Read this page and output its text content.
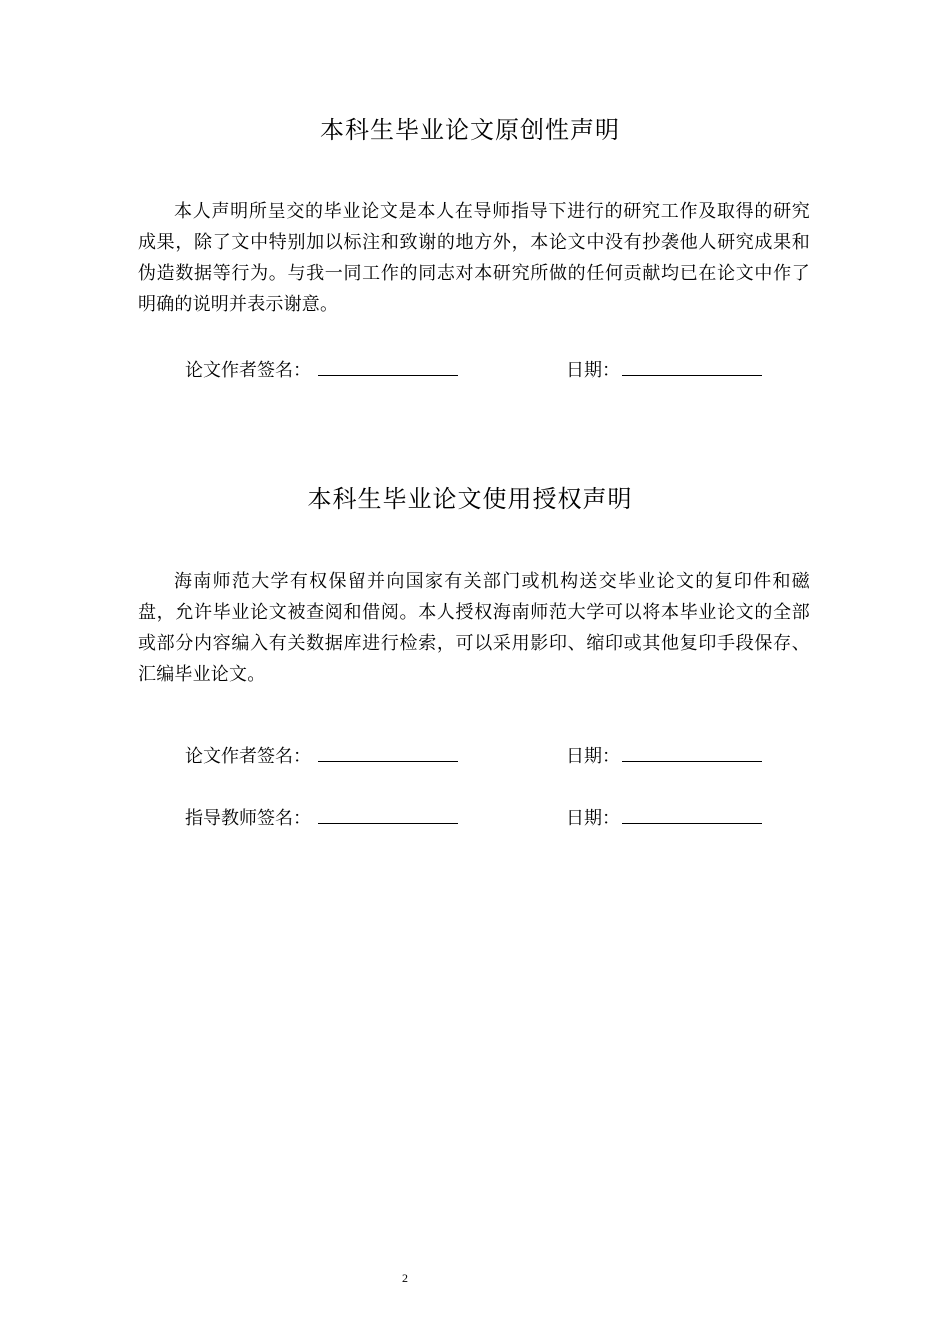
本科生毕业论文原创性声明

本人声明所呈交的毕业论文是本人在导师指导下进行的研究工作及取得的研究成果，除了文中特别加以标注和致谢的地方外，本论文中没有抄袭他人研究成果和伪造数据等行为。与我一同工作的同志对本研究所做的任何贡献均已在论文中作了明确的说明并表示谢意。

论文作者签名：	日期：
本科生毕业论文使用授权声明

海南师范大学有权保留并向国家有关部门或机构送交毕业论文的复印件和磁盘，允许毕业论文被查阅和借阅。本人授权海南师范大学可以将本毕业论文的全部或部分内容编入有关数据库进行检索，可以采用影印、缩印或其他复印手段保存、汇编毕业论文。

论文作者签名：	日期：
指导教师签名：	日期：
2
